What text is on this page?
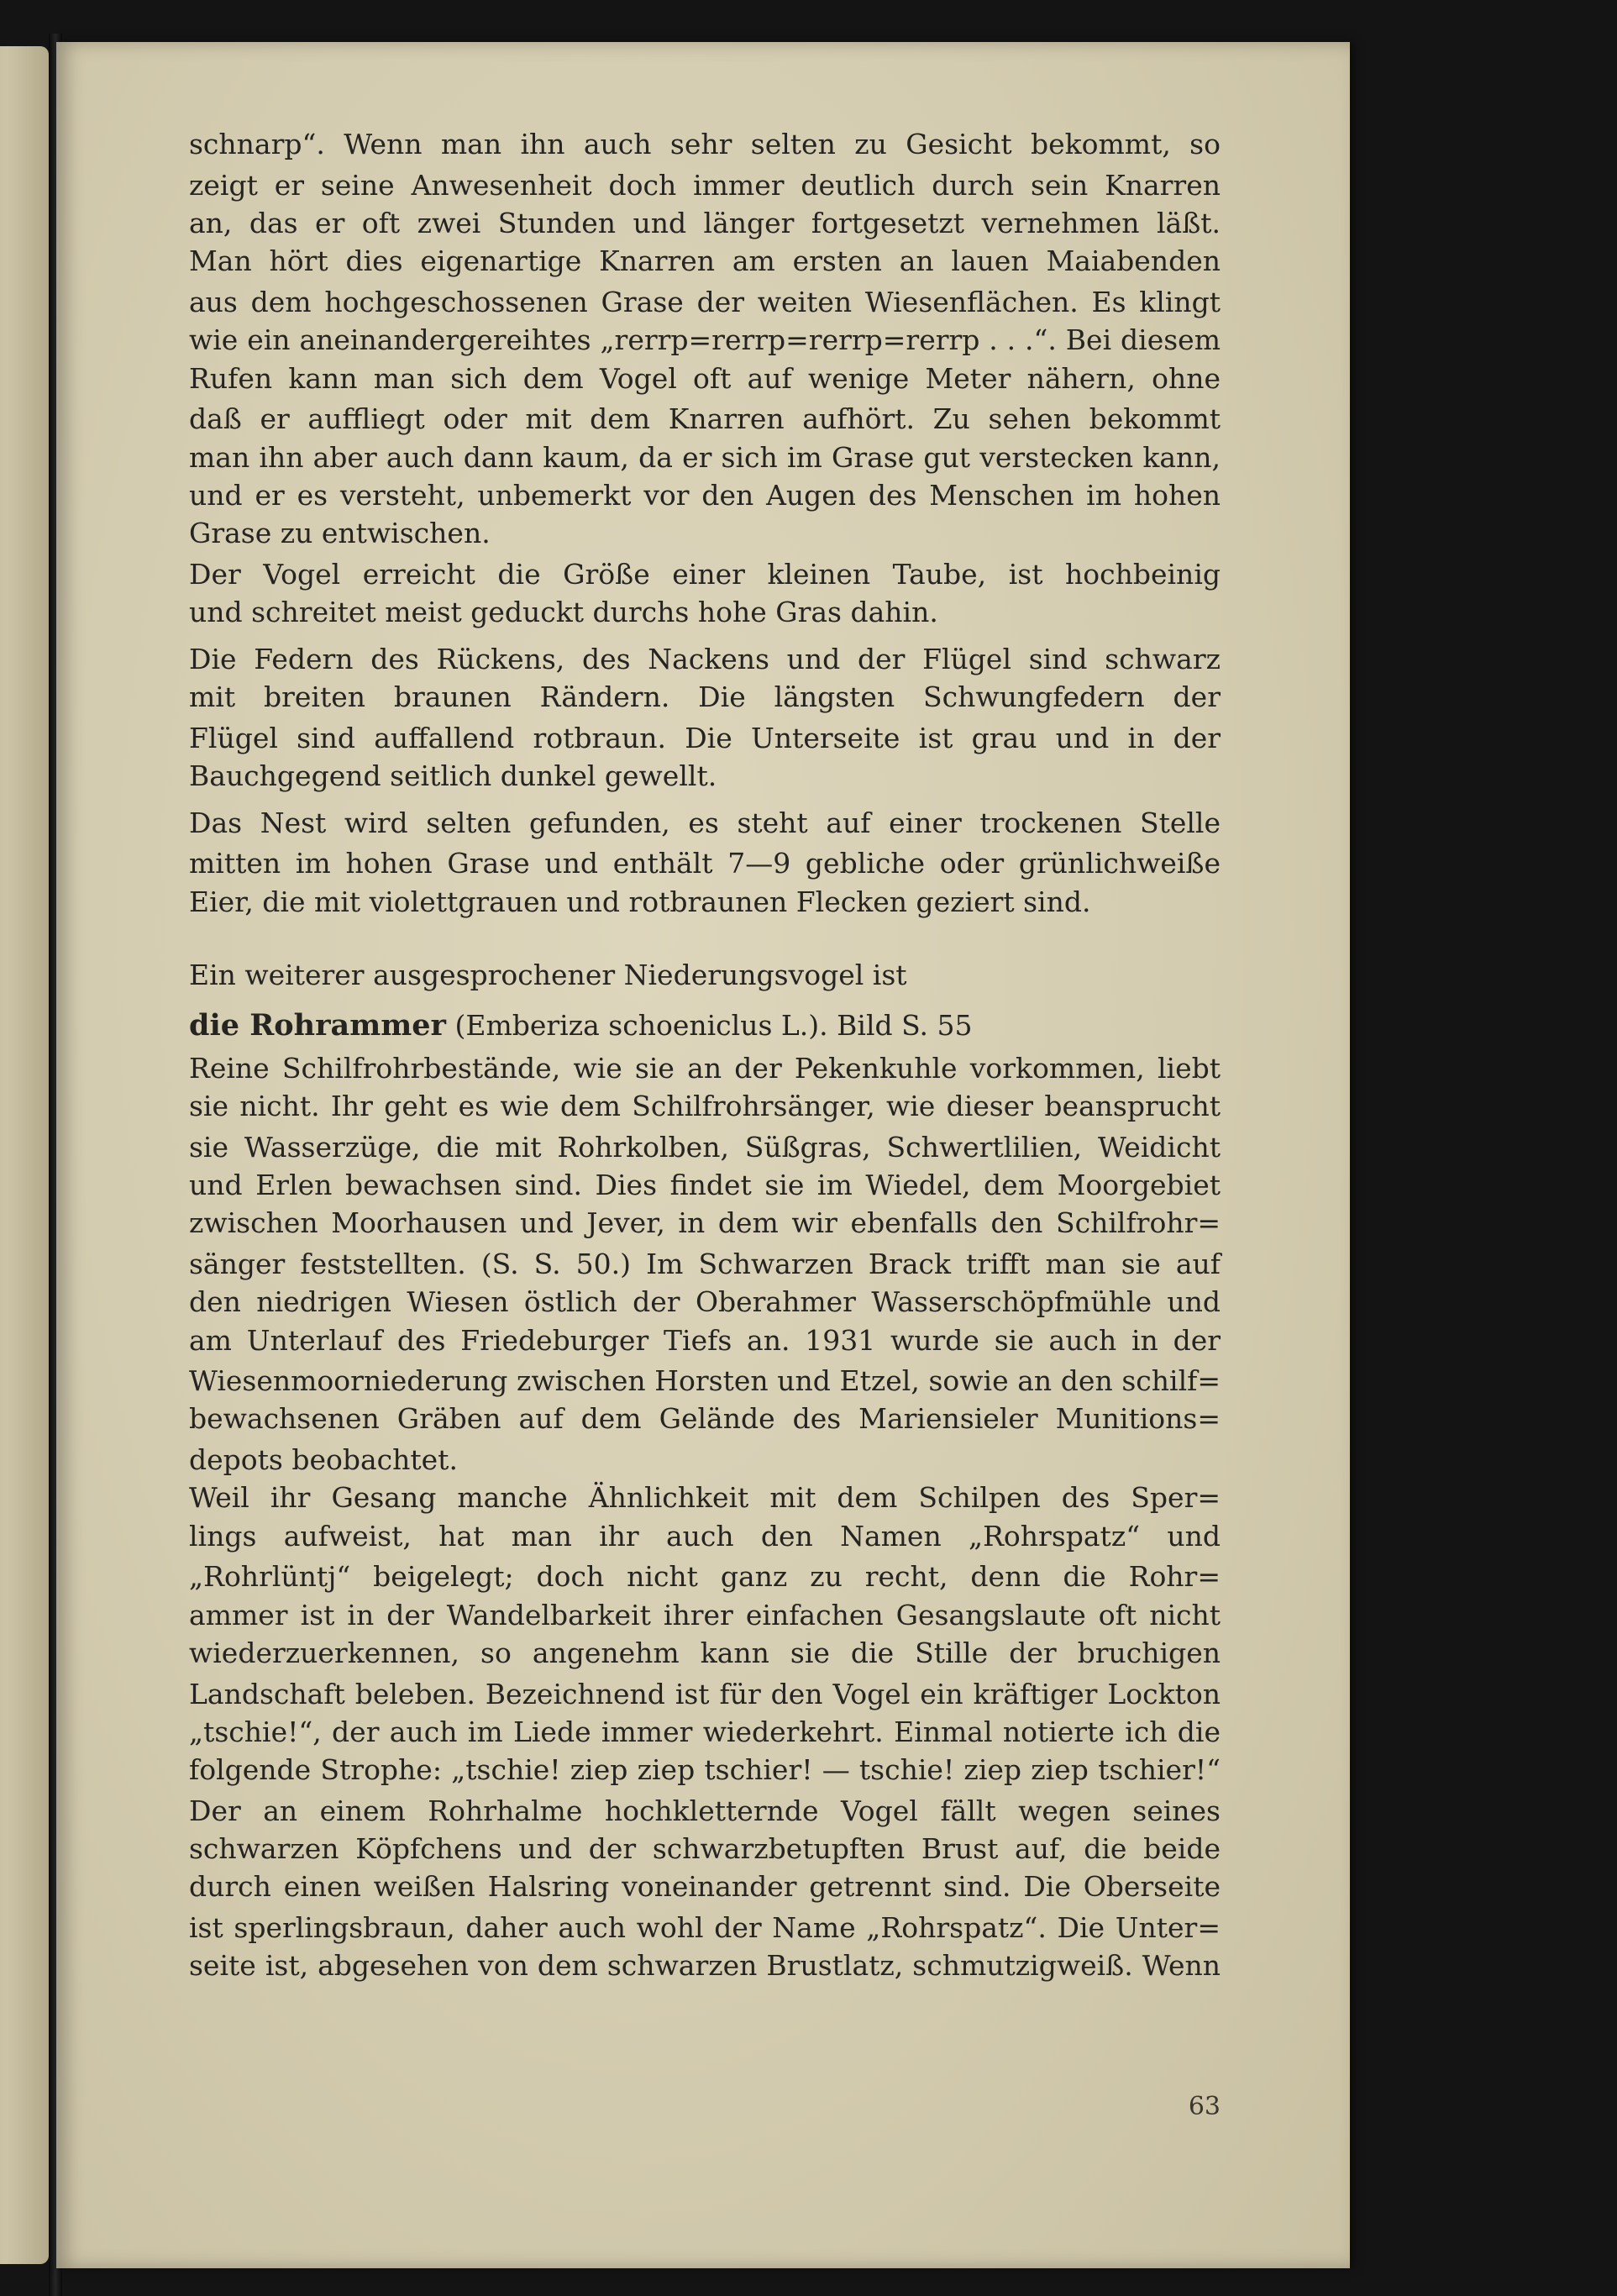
schnarp“. Wenn man ihn auch sehr selten zu Gesicht bekommt, so
zeigt er seine Anwesenheit doch immer deutlich durch sein Knarren
an, das er oft zwei Stunden und länger fortgesetzt vernehmen läßt.
Man hört dies eigenartige Knarren am ersten an lauen Maiabenden
aus dem hochgeschossenen Grase der weiten Wiesenflächen. Es klingt
wie ein aneinandergereihtes „rerrp=rerrp=rerrp=rerrp . . .“. Bei diesem
Rufen kann man sich dem Vogel oft auf wenige Meter nähern, ohne
daß er auffliegt oder mit dem Knarren aufhört. Zu sehen bekommt
man ihn aber auch dann kaum, da er sich im Grase gut verstecken kann,
und er es versteht, unbemerkt vor den Augen des Menschen im hohen
Grase zu entwischen.
Der Vogel erreicht die Größe einer kleinen Taube, ist hochbeinig
und schreitet meist geduckt durchs hohe Gras dahin.
Die Federn des Rückens, des Nackens und der Flügel sind schwarz
mit breiten braunen Rändern. Die längsten Schwungfedern der
Flügel sind auffallend rotbraun. Die Unterseite ist grau und in der
Bauchgegend seitlich dunkel gewellt.
Das Nest wird selten gefunden, es steht auf einer trockenen Stelle
mitten im hohen Grase und enthält 7—9 gebliche oder grünlichweiße
Eier, die mit violettgrauen und rotbraunen Flecken geziert sind.
Ein weiterer ausgesprochener Niederungsvogel ist
Reine Schilfrohrbestände, wie sie an der Pekenkuhle vorkommen, liebt
sie nicht. Ihr geht es wie dem Schilfrohrsänger, wie dieser beansprucht
sie Wasserzüge, die mit Rohrkolben, Süßgras, Schwertlilien, Weidicht
und Erlen bewachsen sind. Dies findet sie im Wiedel, dem Moorgebiet
zwischen Moorhausen und Jever, in dem wir ebenfalls den Schilfrohr=
sänger feststellten. (S. S. 50.) Im Schwarzen Brack trifft man sie auf
den niedrigen Wiesen östlich der Oberahmer Wasserschöpfmühle und
am Unterlauf des Friedeburger Tiefs an. 1931 wurde sie auch in der
Wiesenmoorniederung zwischen Horsten und Etzel, sowie an den schilf=
bewachsenen Gräben auf dem Gelände des Mariensieler Munitions=
depots beobachtet.
Weil ihr Gesang manche Ähnlichkeit mit dem Schilpen des Sper=
lings aufweist, hat man ihr auch den Namen „Rohrspatz“ und
„Rohrlüntj“ beigelegt; doch nicht ganz zu recht, denn die Rohr=
ammer ist in der Wandelbarkeit ihrer einfachen Gesangslaute oft nicht
wiederzuerkennen, so angenehm kann sie die Stille der bruchigen
Landschaft beleben. Bezeichnend ist für den Vogel ein kräftiger Lockton
„tschie!“, der auch im Liede immer wiederkehrt. Einmal notierte ich die
folgende Strophe: „tschie! ziep ziep tschier! — tschie! ziep ziep tschier!“
Der an einem Rohrhalme hochkletternde Vogel fällt wegen seines
schwarzen Köpfchens und der schwarzbetupften Brust auf, die beide
durch einen weißen Halsring voneinander getrennt sind. Die Oberseite
ist sperlingsbraun, daher auch wohl der Name „Rohrspatz“. Die Unter=
seite ist, abgesehen von dem schwarzen Brustlatz, schmutzigweiß. Wenn
die Rohrammer (Emberiza schoeniclus L.). Bild S. 55
63
